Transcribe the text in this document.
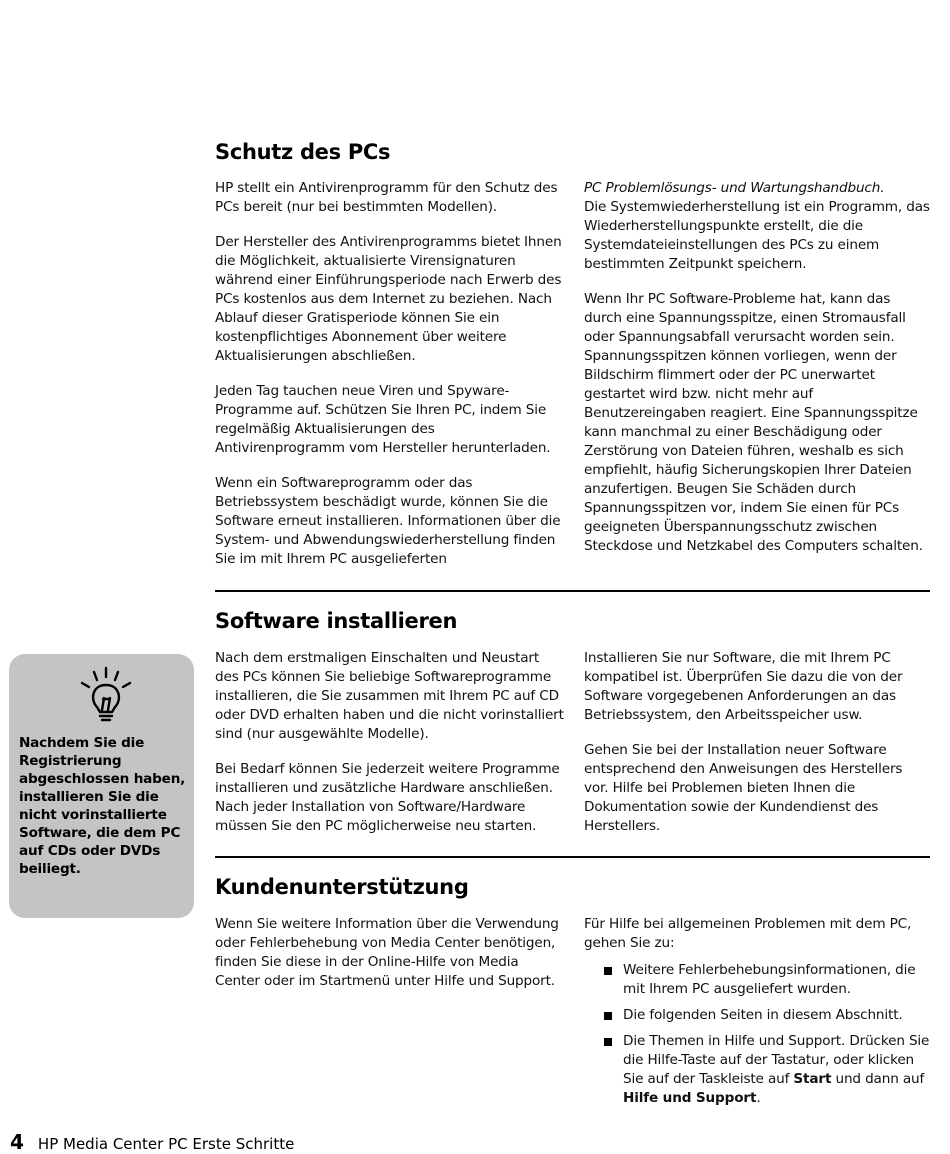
Schutz des PCs

HP stellt ein Antivirenprogramm für den Schutz des PCs bereit (nur bei bestimmten Modellen).

Der Hersteller des Antivirenprogramms bietet Ihnen die Möglichkeit, aktualisierte Virensignaturen während einer Einführungsperiode nach Erwerb des PCs kostenlos aus dem Internet zu beziehen. Nach Ablauf dieser Gratisperiode können Sie ein kostenpflichtiges Abonnement über weitere Aktualisierungen abschließen.

Jeden Tag tauchen neue Viren und Spyware-Programme auf. Schützen Sie Ihren PC, indem Sie regelmäßig Aktualisierungen des Antivirenprogramm vom Hersteller herunterladen.

Wenn ein Softwareprogramm oder das Betriebssystem beschädigt wurde, können Sie die Software erneut installieren. Informationen über die System- und Abwendungswiederherstellung finden Sie im mit Ihrem PC ausgelieferten

PC Problemlösungs- und Wartungshandbuch.
Die Systemwiederherstellung ist ein Programm, das Wiederherstellungspunkte erstellt, die die Systemdateieinstellungen des PCs zu einem bestimmten Zeitpunkt speichern.

Wenn Ihr PC Software-Probleme hat, kann das durch eine Spannungsspitze, einen Stromausfall oder Spannungsabfall verursacht worden sein. Spannungsspitzen können vorliegen, wenn der Bildschirm flimmert oder der PC unerwartet gestartet wird bzw. nicht mehr auf Benutzereingaben reagiert. Eine Spannungsspitze kann manchmal zu einer Beschädigung oder Zerstörung von Dateien führen, weshalb es sich empfiehlt, häufig Sicherungskopien Ihrer Dateien anzufertigen. Beugen Sie Schäden durch Spannungsspitzen vor, indem Sie einen für PCs geeigneten Überspannungsschutz zwischen Steckdose und Netzkabel des Computers schalten.

Software installieren

Nach dem erstmaligen Einschalten und Neustart des PCs können Sie beliebige Softwareprogramme installieren, die Sie zusammen mit Ihrem PC auf CD oder DVD erhalten haben und die nicht vorinstalliert sind (nur ausgewählte Modelle).

Bei Bedarf können Sie jederzeit weitere Programme installieren und zusätzliche Hardware anschließen. Nach jeder Installation von Software/Hardware müssen Sie den PC möglicherweise neu starten.

Installieren Sie nur Software, die mit Ihrem PC kompatibel ist. Überprüfen Sie dazu die von der Software vorgegebenen Anforderungen an das Betriebssystem, den Arbeitsspeicher usw.

Gehen Sie bei der Installation neuer Software entsprechend den Anweisungen des Herstellers vor. Hilfe bei Problemen bieten Ihnen die Dokumentation sowie der Kundendienst des Herstellers.

Kundenunterstützung

Wenn Sie weitere Information über die Verwendung oder Fehlerbehebung von Media Center benötigen, finden Sie diese in der Online-Hilfe von Media Center oder im Startmenü unter Hilfe und Support.

Für Hilfe bei allgemeinen Problemen mit dem PC, gehen Sie zu:

Weitere Fehlerbehebungsinformationen, die mit Ihrem PC ausgeliefert wurden.
Die folgenden Seiten in diesem Abschnitt.
Die Themen in Hilfe und Support. Drücken Sie die Hilfe-Taste auf der Tastatur, oder klicken Sie auf der Taskleiste auf Start und dann auf Hilfe und Support.

Nachdem Sie die Registrierung abgeschlossen haben, installieren Sie die nicht vorinstallierte Software, die dem PC auf CDs oder DVDs beiliegt.

4 HP Media Center PC Erste Schritte
